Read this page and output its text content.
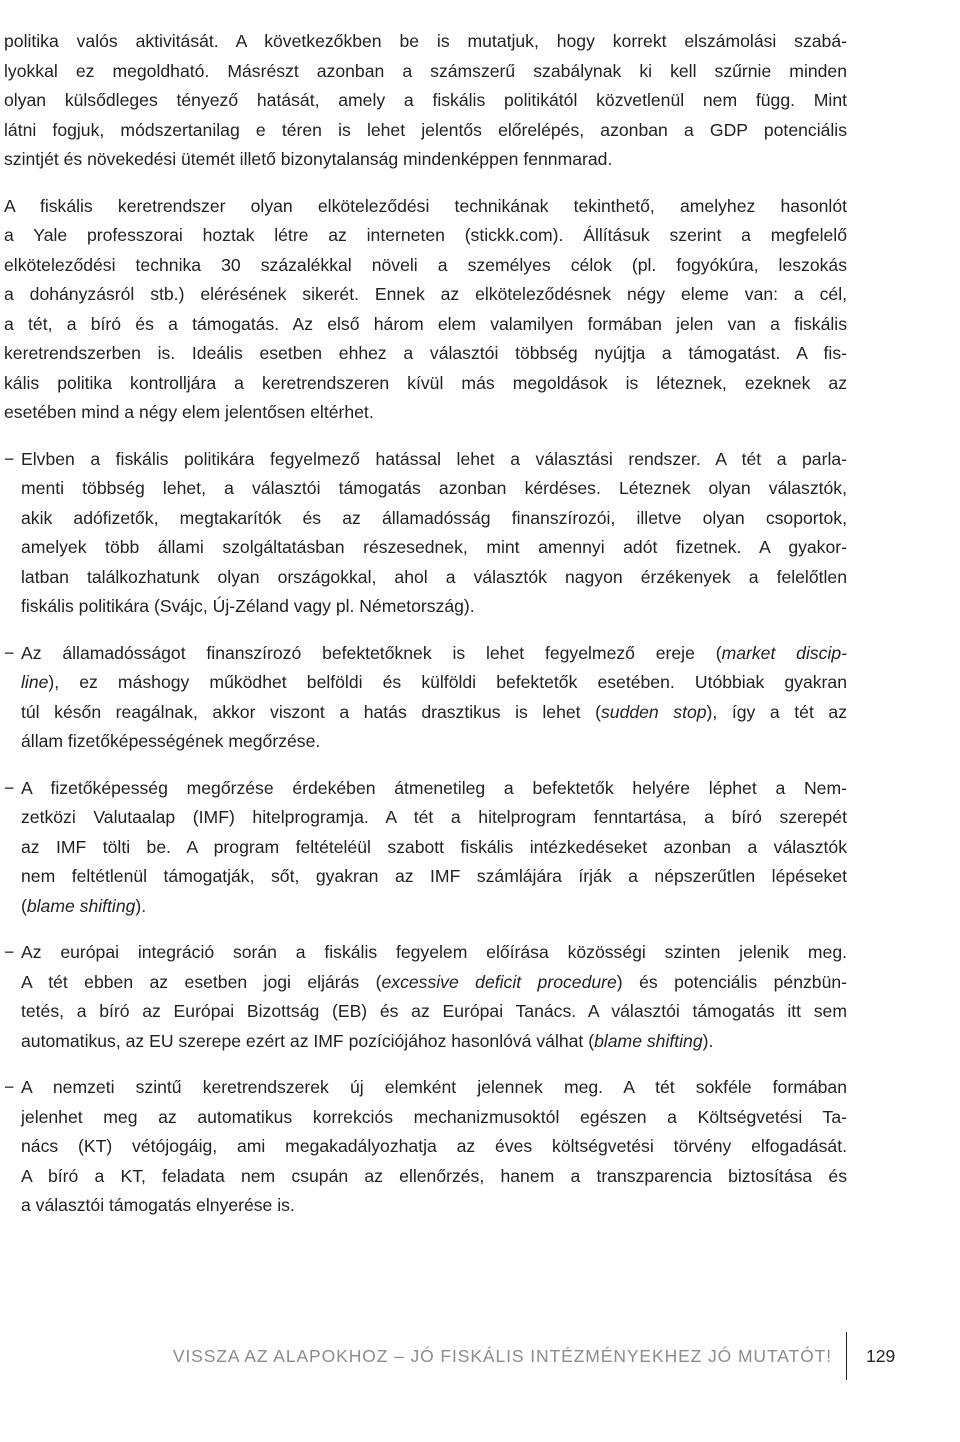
politika valós aktivitását. A következőkben be is mutatjuk, hogy korrekt elszámolási szabá-
lyokkal ez megoldható. Másrészt azonban a számszerű szabálynak ki kell szűrnie minden
olyan külsődleges tényező hatását, amely a fiskális politikától közvetlenül nem függ. Mint
látni fogjuk, módszertanilag e téren is lehet jelentős előrelépés, azonban a GDP potenciális
szintjét és növekedési ütemét illető bizonytalanság mindenképpen fennmarad.
A fiskális keretrendszer olyan elköteleződési technikának tekinthető, amelyhez hasonlót
a Yale professzorai hoztak létre az interneten (stickk.com). Állításuk szerint a megfelelő
elköteleződési technika 30 százalékkal növeli a személyes célok (pl. fogyókúra, leszokás
a dohányzásról stb.) elérésének sikerét. Ennek az elköteleződésnek négy eleme van: a cél,
a tét, a bíró és a támogatás. Az első három elem valamilyen formában jelen van a fiskális
keretrendszerben is. Ideális esetben ehhez a választói többség nyújtja a támogatást. A fis-
kális politika kontrolljára a keretrendszeren kívül más megoldások is léteznek, ezeknek az
esetében mind a négy elem jelentősen eltérhet.
− Elvben a fiskális politikára fegyelmező hatással lehet a választási rendszer. A tét a parla-
menti többség lehet, a választói támogatás azonban kérdéses. Léteznek olyan választók,
akik adófizetők, megtakarítók és az államadósság finanszírozói, illetve olyan csoportok,
amelyek több állami szolgáltatásban részesednek, mint amennyi adót fizetnek. A gyakor-
latban találkozhatunk olyan országokkal, ahol a választók nagyon érzékenyek a felelőtlen
fiskális politikára (Svájc, Új-Zéland vagy pl. Németország).
− Az államadósságot finanszírozó befektetőknek is lehet fegyelmező ereje (market discip-
line), ez máshogy működhet belföldi és külföldi befektetők esetében. Utóbbiak gyakran
túl későn reagálnak, akkor viszont a hatás drasztikus is lehet (sudden stop), így a tét az
állam fizetőképességének megőrzése.
− A fizetőképesség megőrzése érdekében átmenetileg a befektetők helyére léphet a Nem-
zetközi Valutaalap (IMF) hitelprogramja. A tét a hitelprogram fenntartása, a bíró szerepét
az IMF tölti be. A program feltételéül szabott fiskális intézkedéseket azonban a választók
nem feltétlenül támogatják, sőt, gyakran az IMF számlájára írják a népszerűtlen lépéseket
(blame shifting).
− Az európai integráció során a fiskális fegyelem előírása közösségi szinten jelenik meg.
A tét ebben az esetben jogi eljárás (excessive deficit procedure) és potenciális pénzbün-
tetés, a bíró az Európai Bizottság (EB) és az Európai Tanács. A választói támogatás itt sem
automatikus, az EU szerepe ezért az IMF pozíciójához hasonlóvá válhat (blame shifting).
− A nemzeti szintű keretrendszerek új elemként jelennek meg. A tét sokféle formában
jelenhet meg az automatikus korrekciós mechanizmusoktól egészen a Költségvetési Ta-
nács (KT) vétójogáig, ami megakadályozhatja az éves költségvetési törvény elfogadását.
A bíró a KT, feladata nem csupán az ellenőrzés, hanem a transzparencia biztosítása és
a választói támogatás elnyerése is.
VISSZA AZ ALAPOKHOZ – JÓ FISKÁLIS INTÉZMÉNYEKHEZ JÓ MUTATÓT! 129
